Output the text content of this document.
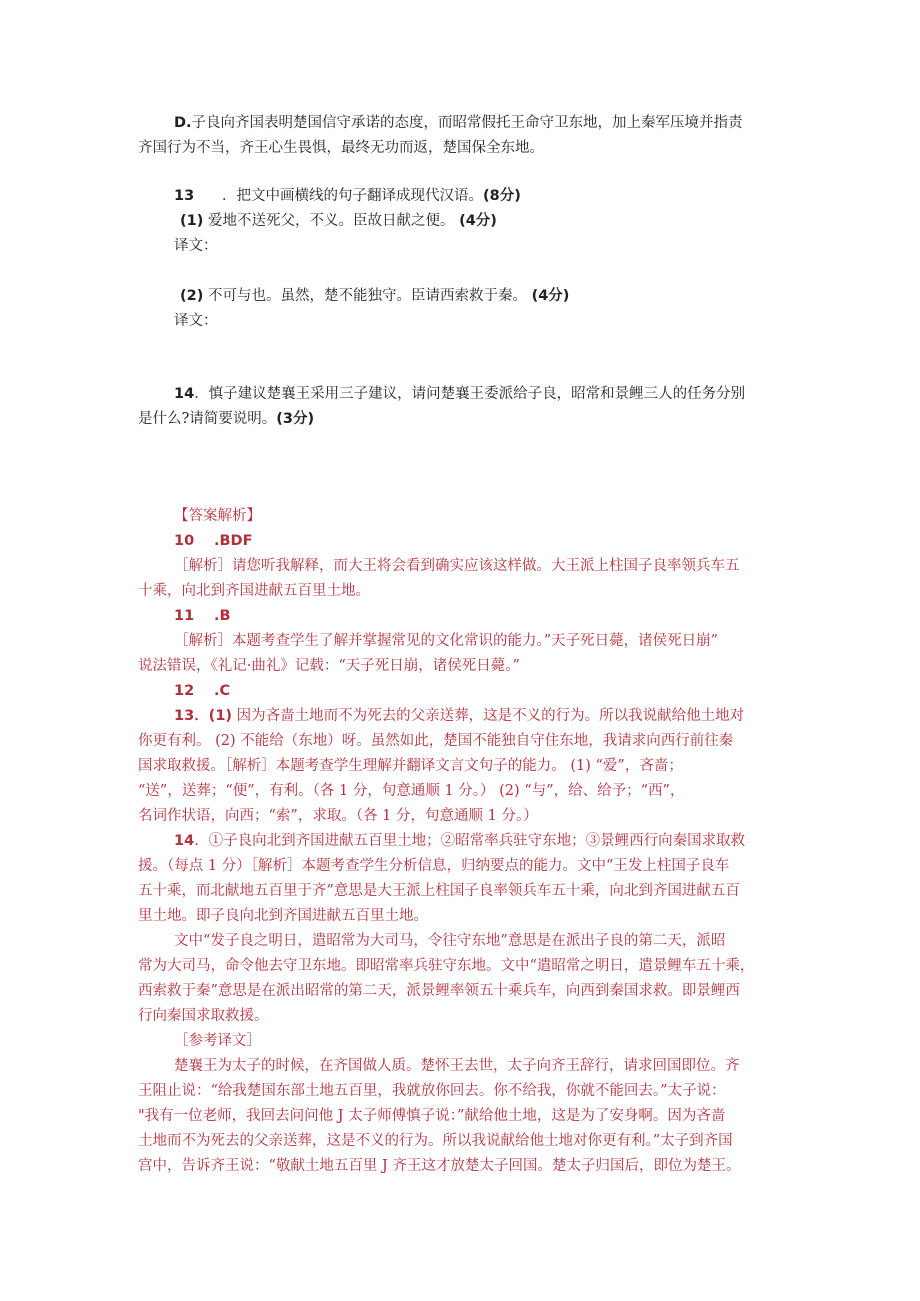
D.子良向齐国表明楚国信守承诺的态度，而昭常假托王命守卫东地，加上秦军压境并指责
齐国行为不当，齐王心生畏惧，最终无功而返，楚国保全东地。
13 ．把文中画横线的句子翻译成现代汉语。(8分)
(1) 爱地不送死父，不义。臣故日献之便。 (4分)
译文：
(2) 不可与也。虽然，楚不能独守。臣请西索救于秦。 (4分)
译文：
14．慎子建议楚襄王采用三子建议，请问楚襄王委派给子良，昭常和景鲤三人的任务分别
是什么?请简要说明。(3分)
【答案解析】
10 .BDF
［解析］请您听我解释，而大王将会看到确实应该这样做。大王派上柱国子良率领兵车五
十乘，向北到齐国进献五百里土地。
11 .B
［解析］本题考查学生了解并掌握常见的文化常识的能力。”天子死日薨，诸侯死日崩”
说法错误，《礼记·曲礼》记载：“天子死日崩，诸侯死日薨。”
12 .C
13．(1) 因为吝啬土地而不为死去的父亲送葬，这是不义的行为。所以我说献给他土地对
你更有利。 (2) 不能给（东地）呀。虽然如此，楚国不能独自守住东地，我请求向西行前往秦
国求取救援。［解析］本题考查学生理解并翻译文言文句子的能力。 (1) “爱”，吝啬；
“送”，送葬；“便”，有利。（各 1 分，句意通顺 1 分。） (2) “与”，给、给予；“西”，
名词作状语，向西；“索”，求取。（各 1 分，句意通顺 1 分。）
14．①子良向北到齐国进献五百里土地；②昭常率兵驻守东地；③景鲤西行向秦国求取救
援。（每点 1 分）［解析］本题考查学生分析信息，归纳要点的能力。文中“王发上柱国子良车
五十乘，而北献地五百里于齐”意思是大王派上柱国子良率领兵车五十乘，向北到齐国进献五百
里土地。即子良向北到齐国进献五百里土地。
文中“发子良之明日，遣昭常为大司马，令往守东地”意思是在派出子良的第二天，派昭
常为大司马，命令他去守卫东地。即昭常率兵驻守东地。文中“遣昭常之明日，遣景鲤车五十乘，
西索救于秦”意思是在派出昭常的第二天，派景鲤率领五十乘兵车，向西到秦国求救。即景鲤西
行向秦国求取救援。
［参考译文］
楚襄王为太子的时候，在齐国做人质。楚怀王去世，太子向齐王辞行，请求回国即位。齐
王阻止说：“给我楚国东部土地五百里，我就放你回去。你不给我，你就不能回去。”太子说：
"我有一位老师，我回去问问他 J 太子师傅慎子说：”献给他土地，这是为了安身啊。因为吝啬
土地而不为死去的父亲送葬，这是不义的行为。所以我说献给他土地对你更有利。”太子到齐国
宫中，告诉齐王说：“敬献土地五百里 J 齐王这才放楚太子回国。楚太子归国后，即位为楚王。
